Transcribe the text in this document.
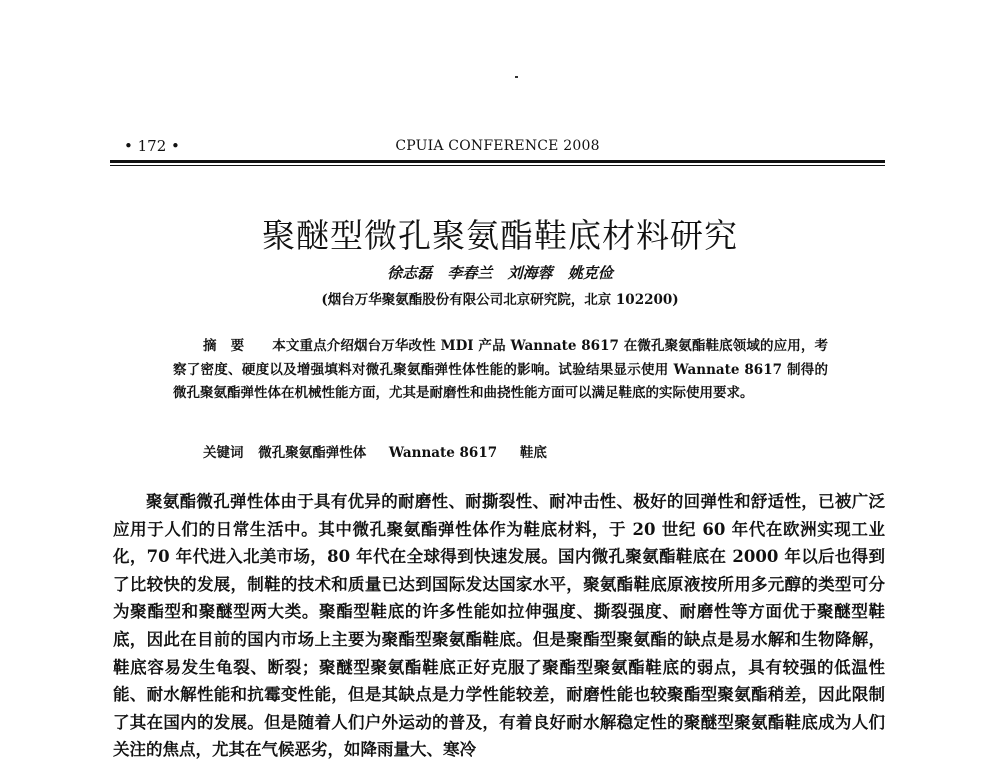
• 172 •	CPUIA CONFERENCE 2008
聚醚型微孔聚氨酯鞋底材料研究
徐志磊 李春兰 刘海蓉 姚克俭
(烟台万华聚氨酯股份有限公司北京研究院，北京 102200)
摘要 本文重点介绍烟台万华改性 MDI 产品 Wannate 8617 在微孔聚氨酯鞋底领域的应用，考察了密度、硬度以及增强填料对微孔聚氨酯弹性体性能的影响。试验结果显示使用 Wannate 8617 制得的微孔聚氨酯弹性体在机械性能方面，尤其是耐磨性和曲挠性能方面可以满足鞋底的实际使用要求。
关键词 微孔聚氨酯弹性体 Wannate 8617 鞋底
聚氨酯微孔弹性体由于具有优异的耐磨性、耐撕裂性、耐冲击性、极好的回弹性和舒适性，已被广泛应用于人们的日常生活中。其中微孔聚氨酯弹性体作为鞋底材料，于 20 世纪 60 年代在欧洲实现工业化，70 年代进入北美市场，80 年代在全球得到快速发展。国内微孔聚氨酯鞋底在 2000 年以后也得到了比较快的发展，制鞋的技术和质量已达到国际发达国家水平，聚氨酯鞋底原液按所用多元醇的类型可分为聚酯型和聚醚型两大类。聚酯型鞋底的许多性能如拉伸强度、撕裂强度、耐磨性等方面优于聚醚型鞋底，因此在目前的国内市场上主要为聚酯型聚氨酯鞋底。但是聚酯型聚氨酯的缺点是易水解和生物降解，鞋底容易发生龟裂、断裂；聚醚型聚氨酯鞋底正好克服了聚酯型聚氨酯鞋底的弱点，具有较强的低温性能、耐水解性能和抗霉变性能，但是其缺点是力学性能较差，耐磨性能也较聚酯型聚氨酯稍差，因此限制了其在国内的发展。但是随着人们户外运动的普及，有着良好耐水解稳定性的聚醚型聚氨酯鞋底成为人们关注的焦点，尤其在气候恶劣，如降雨量大、寒冷
